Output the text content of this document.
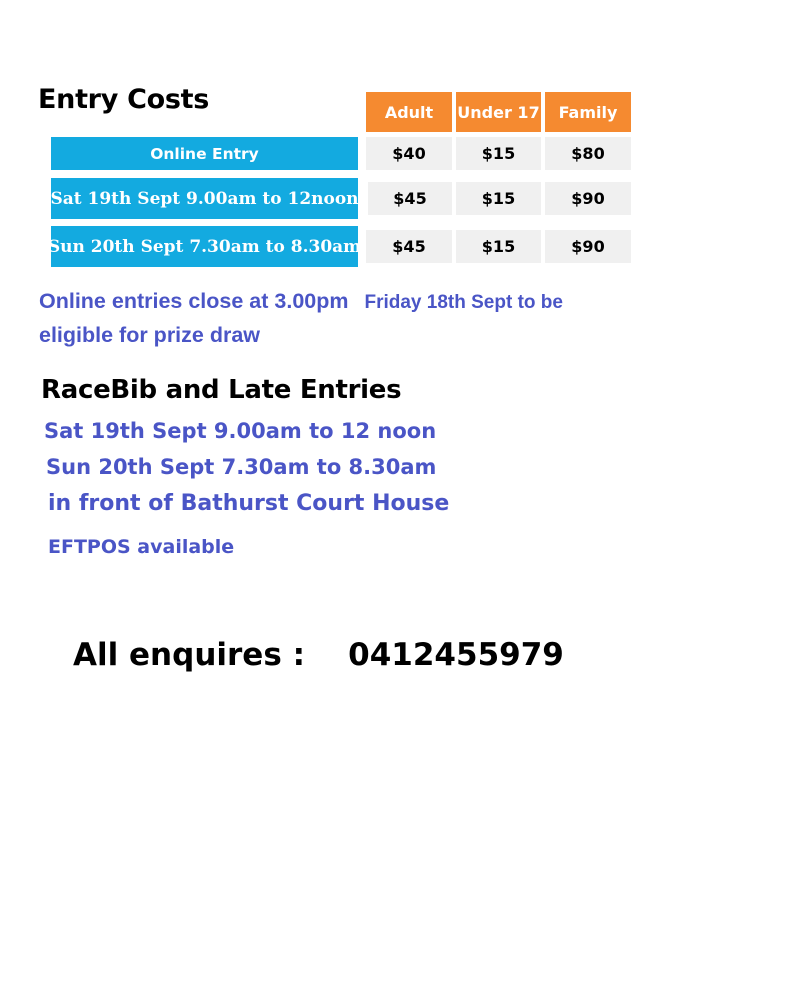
Entry Costs	Adult	Under 17	Family
Online Entry	$40	$15	$80
Sat 19th Sept 9.00am to 12noon	$45	$15	$90
Sun 20th Sept 7.30am to 8.30am	$45	$15	$90
Online entries close at 3.00pm Friday 18th Sept to be
eligible for prize draw
RaceBib and Late Entries
Sat 19th Sept 9.00am to 12 noon
Sun 20th Sept 7.30am to 8.30am
in front of Bathurst Court House
EFTPOS available
All enquires : 0412455979
